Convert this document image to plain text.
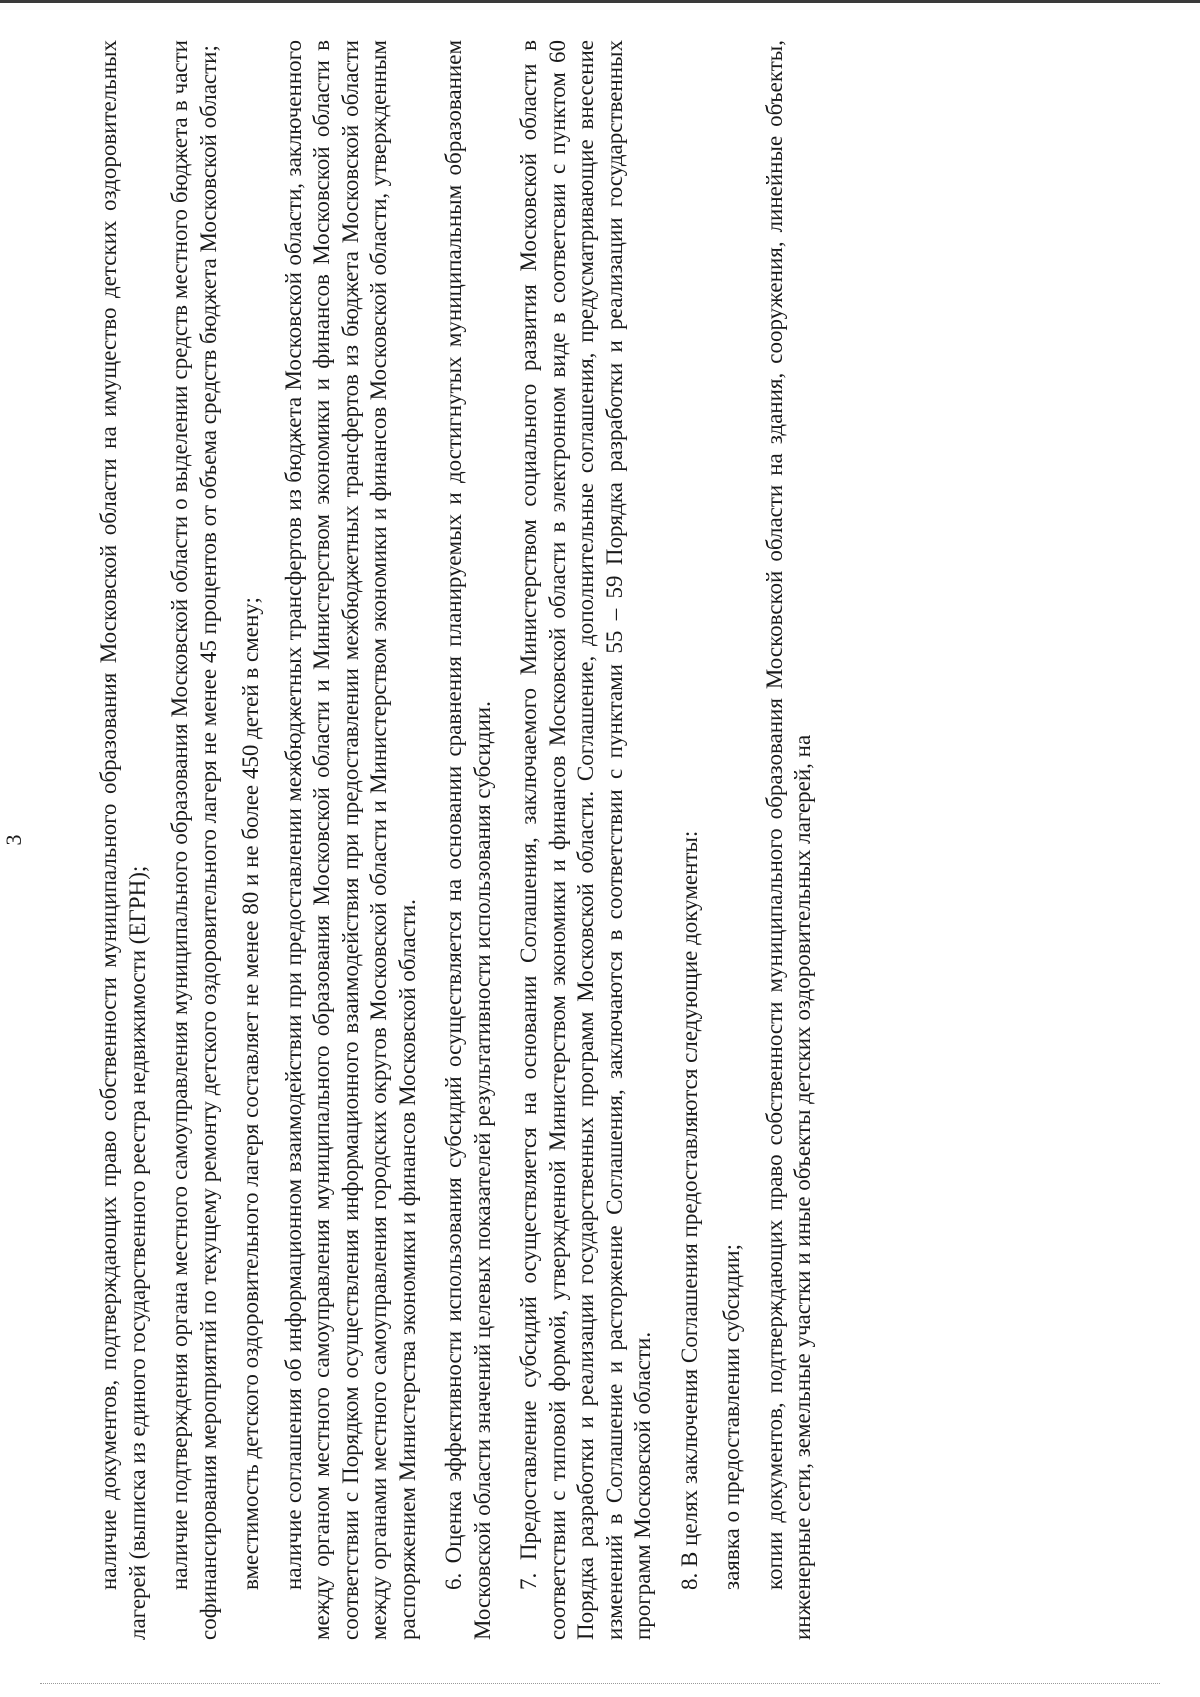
3	наличие документов, подтверждающих право собственности муниципального образования Московской области на имущество детских оздоровительных лагерей (выписка из единого государственного реестра недвижимости (ЕГРН); наличие подтверждения органа местного самоуправления муниципального образования Московской области о выделении средств местного бюджета в части софинансирования мероприятий по текущему ремонту детского оздоровительного лагеря не менее 45 процентов от объема средств бюджета Московской области; вместимость детского оздоровительного лагеря составляет не менее 80 и не более 450 детей в смену; наличие соглашения об информационном взаимодействии при предоставлении межбюджетных трансфертов из бюджета Московской области, заключенного между органом местного самоуправления муниципального образования Московской области и Министерством экономики и финансов Московской области в соответствии с Порядком осуществления информационного взаимодействия при предоставлении межбюджетных трансфертов из бюджета Московской области между органами местного самоуправления городских округов Московской области и Министерством экономики и финансов Московской области, утвержденным распоряжением Министерства экономики и финансов Московской области. 6. Оценка эффективности использования субсидий осуществляется на основании сравнения планируемых и достигнутых муниципальным образованием Московской области значений целевых показателей результативности использования субсидии. 7. Предоставление субсидий осуществляется на основании Соглашения, заключаемого Министерством социального развития Московской области в соответствии с типовой формой, утвержденной Министерством экономики и финансов Московской области в электронном виде в соответсвии с пунктом 60 Порядка разработки и реализации государственных программ Московской области. Соглашение, дополнительные соглашения, предусматривающие внесение изменений в Соглашение и расторжение Соглашения, заключаются в соответствии с пунктами 55 – 59 Порядка разработки и реализации государственных программ Московской области. 8. В целях заключения Соглашения предоставляются следующие документы: заявка о предоставлении субсидии; копии документов, подтверждающих право собственности муниципального образования Московской области на здания, сооружения, линейные объекты, инженерные сети, земельные участки и иные объекты детских оздоровительных лагерей, на
